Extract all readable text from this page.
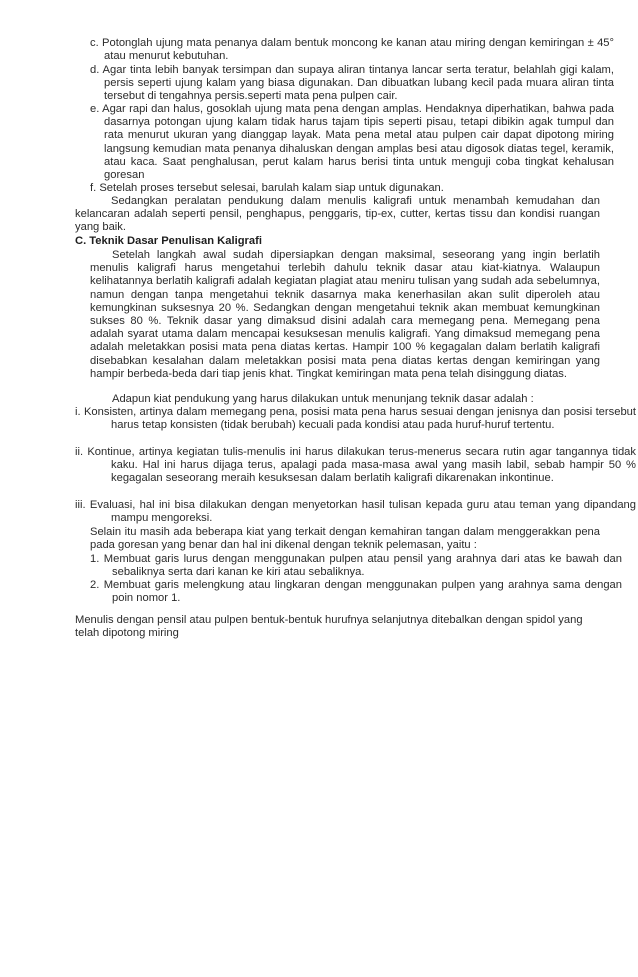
c. Potonglah ujung mata penanya dalam bentuk moncong ke kanan atau miring dengan kemiringan ± 45° atau menurut kebutuhan.
d. Agar tinta lebih banyak tersimpan dan supaya aliran tintanya lancar serta teratur, belahlah gigi kalam, persis seperti ujung kalam yang biasa digunakan. Dan dibuatkan lubang kecil pada muara aliran tinta tersebut di tengahnya persis.seperti mata pena pulpen cair.
e. Agar rapi dan halus, gosoklah ujung mata pena dengan amplas. Hendaknya diperhatikan, bahwa pada dasarnya potongan ujung kalam tidak harus tajam tipis seperti pisau, tetapi dibikin agak tumpul dan rata menurut ukuran yang dianggap layak. Mata pena metal atau pulpen cair dapat dipotong miring langsung kemudian mata penanya dihaluskan dengan amplas besi atau digosok diatas tegel, keramik, atau kaca. Saat penghalusan, perut kalam harus berisi tinta untuk menguji coba tingkat kehalusan goresan
f. Setelah proses tersebut selesai, barulah kalam siap untuk digunakan.
Sedangkan peralatan pendukung dalam menulis kaligrafi untuk menambah kemudahan dan kelancaran adalah seperti pensil, penghapus, penggaris, tip-ex, cutter, kertas tissu dan kondisi ruangan yang baik.
C. Teknik Dasar Penulisan Kaligrafi
Setelah langkah awal sudah dipersiapkan dengan maksimal, seseorang yang ingin berlatih menulis kaligrafi harus mengetahui terlebih dahulu teknik dasar atau kiat-kiatnya. Walaupun kelihatannya berlatih kaligrafi adalah kegiatan plagiat atau meniru tulisan yang sudah ada sebelumnya, namun dengan tanpa mengetahui teknik dasarnya maka kenerhasilan akan sulit diperoleh atau kemungkinan suksesnya 20 %. Sedangkan dengan mengetahui teknik akan membuat kemungkinan sukses 80 %. Teknik dasar yang dimaksud disini adalah cara memegang pena. Memegang pena adalah syarat utama dalam mencapai kesuksesan menulis kaligrafi. Yang dimaksud memegang pena adalah meletakkan posisi mata pena diatas kertas. Hampir 100 % kegagalan dalam berlatih kaligrafi disebabkan kesalahan dalam meletakkan posisi mata pena diatas kertas dengan kemiringan yang hampir berbeda-beda dari tiap jenis khat. Tingkat kemiringan mata pena telah disinggung diatas.
Adapun kiat pendukung yang harus dilakukan untuk menunjang teknik dasar adalah :
i. Konsisten, artinya dalam memegang pena, posisi mata pena harus sesuai dengan jenisnya dan posisi tersebut harus tetap konsisten (tidak berubah) kecuali pada kondisi atau pada huruf-huruf tertentu.
ii. Kontinue, artinya kegiatan tulis-menulis ini harus dilakukan terus-menerus secara rutin agar tangannya tidak kaku. Hal ini harus dijaga terus, apalagi pada masa-masa awal yang masih labil, sebab hampir 50 % kegagalan seseorang meraih kesuksesan dalam berlatih kaligrafi dikarenakan inkontinue.
iii. Evaluasi, hal ini bisa dilakukan dengan menyetorkan hasil tulisan kepada guru atau teman yang dipandang mampu mengoreksi.
Selain itu masih ada beberapa kiat yang terkait dengan kemahiran tangan dalam menggerakkan pena pada goresan yang benar dan hal ini dikenal dengan teknik pelemasan, yaitu :
1. Membuat garis lurus dengan menggunakan pulpen atau pensil yang arahnya dari atas ke bawah dan sebaliknya serta dari kanan ke kiri atau sebaliknya.
2. Membuat garis melengkung atau lingkaran dengan menggunakan pulpen yang arahnya sama dengan poin nomor 1.
Menulis dengan pensil atau pulpen bentuk-bentuk hurufnya selanjutnya ditebalkan dengan spidol yang telah dipotong miring
